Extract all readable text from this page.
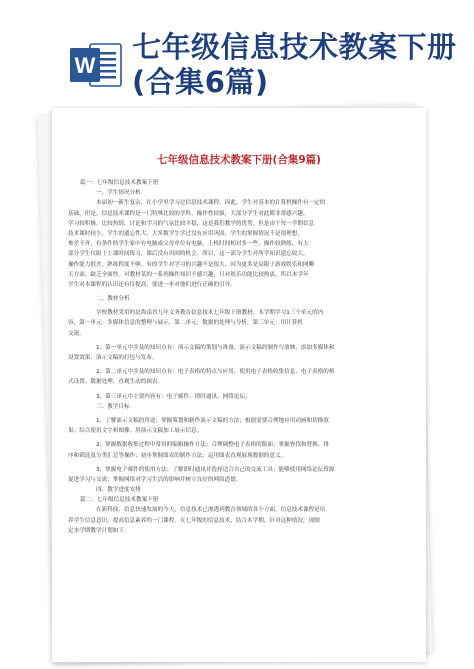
W
七年级信息技术教案下册(合集6篇)
七年级信息技术教案下册(合集9篇)
篇一：七年级信息技术教案下册
一、学生情况分析
本届初一新生复杂，在小学里学习过信息技术课程。因此，学生对基本的计算机操作有一定的
基础。但是，信息技术课程是一门特殊比较的学科，操作性较强，大部分学生对此都非常感兴趣，
学习较积极，比较热情，讨论和学习的气氛比较平稳，这是我们教学的优势。但是由于每一学期信息
技术课时较少，学生的遗忘性大，大多数学生学过没有应用巩固，学生的掌握情况不是很理想，
参差不齐，有条件的学生家中有电脑或父母单位有电脑，上机时间相对多一些，操作较熟练，有大
部分学生仅限于上课时间练习，课后没有巩固的机会。所以，这一部分学生对所学知识遗忘较大，
操作能力很差，熟练程度不够。有的学生对学习的兴趣不是很大，因为更多是局限于游戏娱乐和网聊
天方面。缺乏全面性。对教材某的一系列操作知识不感兴趣，只对娱乐功能比较热衷。所以本学年
学生对本课程的认识还有待提高，要进一步对他们进行正确的引导。
二、教材分析
学校教材采用的是海南省九年义务教育信息技术七年级下册教材，本学期学习1三个单元的内
容，第一单元：多媒体信息的整理与展示，第二单元：数据的处理与分析，第三单元：用计算机
交流。
1、第一单元中涉及的知识点有：演示文稿的策划与准备、演示文稿的制作与放映、添加多媒体和
设置效果、演示文稿的打包与发布。
2、第二单元中涉及的知识点有：电子表格的特点与应用、使用电子表格收集信息、电子表格的格
式设置、数据处理、直观生动的图表。
3、第三单元中主要内容有：电子邮件、即时通讯、网络论坛。
三、教学目标
1、了解演示文稿的用途；掌握策划和制作演示文稿的方法；根据需要合理地应用动画和切换效
果；综合使用文字和图像，用演示文稿加工展示信息。
2、掌握数据收集过程中常用的编辑操作方法；合理调整电子表格的版面；掌握查找和替换、排
序和筛选及分类汇总等操作；初步掌握图表的制作方法；运用图表直观展现数据的意义。
3、掌握电子邮件的使用方法；了解即时通讯并选择适合自己的交流工具；能够使用网络论坛资源
促进学习与交流；掌握网络对学习生活的影响并树立良好的网络道德。
四、教学进度安排
篇二：七年级信息技术教案下册
在新科技、信息快速发展的今天，信息技术已渗透到教育领域的各个方面，信息技术课程是培
养学生信息意识，提高信息素养的一门课程。在七年级的信息技术，结合本学期，针对这种情况，现制
定本学期教学计划如下：
